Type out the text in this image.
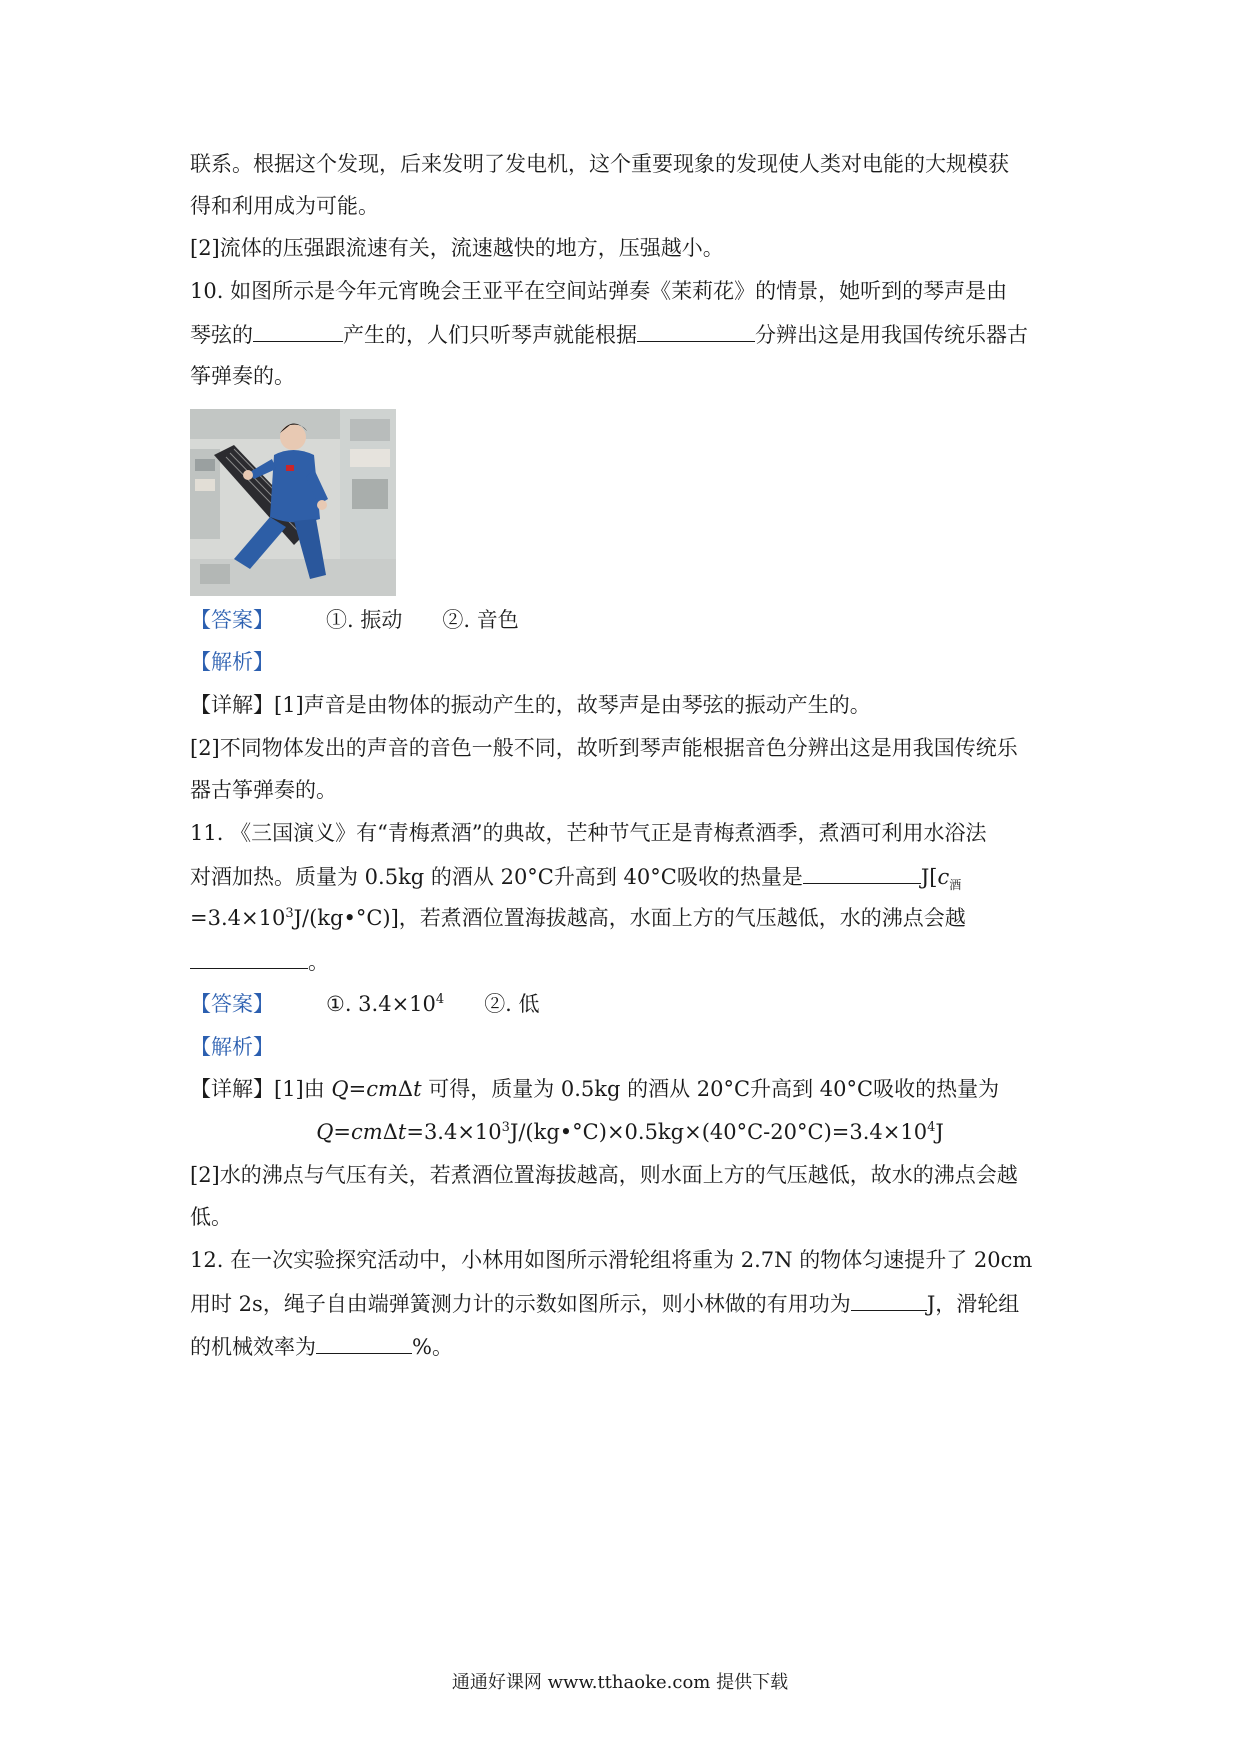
联系。根据这个发现，后来发明了发电机，这个重要现象的发现使人类对电能的大规模获
得和利用成为可能。
[2]流体的压强跟流速有关，流速越快的地方，压强越小。
10. 如图所示是今年元宵晚会王亚平在空间站弹奏《茉莉花》的情景，她听到的琴声是由
琴弦的	产生的，人们只听琴声就能根据	分辨出这是用我国传统乐器古
筝弹奏的。
【答案】 ①. 振动 ②. 音色
【解析】
【详解】[1]声音是由物体的振动产生的，故琴声是由琴弦的振动产生的。
[2]不同物体发出的声音的音色一般不同，故听到琴声能根据音色分辨出这是用我国传统乐
器古筝弹奏的。
11. 《三国演义》有“青梅煮酒”的典故，芒种节气正是青梅煮酒季，煮酒可利用水浴法
对酒加热。质量为 0.5kg 的酒从 20°C升高到 40°C吸收的热量是	$J[c_酒$
$=3.4\times 10^3J/(kg•^\circ C)$]，若煮酒位置海拔越高，水面上方的气压越低，水的沸点会越
。
【答案】 ①. $3.4\times 10^4$ ②. 低
【解析】
【详解】[1]由 Q=cmΔt 可得，质量为 0.5kg 的酒从 20°C升高到 40°C吸收的热量为
$Q=cm\Delta t=3.4\times 10^3J/(kg•^\circ C)\times 0.5kg\times(40^\circ C-20^\circ C)=3.4\times 10^4J$
[2]水的沸点与气压有关，若煮酒位置海拔越高，则水面上方的气压越低，故水的沸点会越
低。
12. 在一次实验探究活动中，小林用如图所示滑轮组将重为 2.7N 的物体匀速提升了 20cm
用时 2s，绳子自由端弹簧测力计的示数如图所示，则小林做的有用功为	J，滑轮组
的机械效率为	%。
通通好课网 www.tthaoke.com 提供下载
